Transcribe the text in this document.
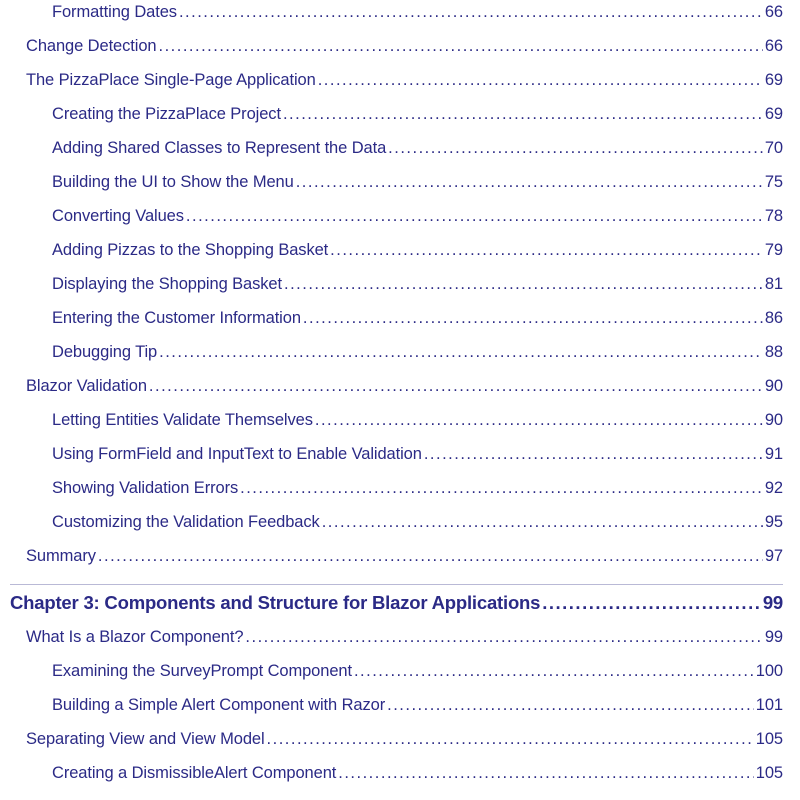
Formatting Dates .....	66
Change Detection .....	66
The PizzaPlace Single-Page Application .....	69
Creating the PizzaPlace Project .....	69
Adding Shared Classes to Represent the Data .....	70
Building the UI to Show the Menu .....	75
Converting Values .....	78
Adding Pizzas to the Shopping Basket .....	79
Displaying the Shopping Basket .....	81
Entering the Customer Information .....	86
Debugging Tip .....	88
Blazor Validation .....	90
Letting Entities Validate Themselves .....	90
Using FormField and InputText to Enable Validation .....	91
Showing Validation Errors .....	92
Customizing the Validation Feedback .....	95
Summary .....	97
Chapter 3: Components and Structure for Blazor Applications .....	99
What Is a Blazor Component? .....	99
Examining the SurveyPrompt Component .....	100
Building a Simple Alert Component with Razor .....	101
Separating View and View Model .....	105
Creating a DismissibleAlert Component .....	105
